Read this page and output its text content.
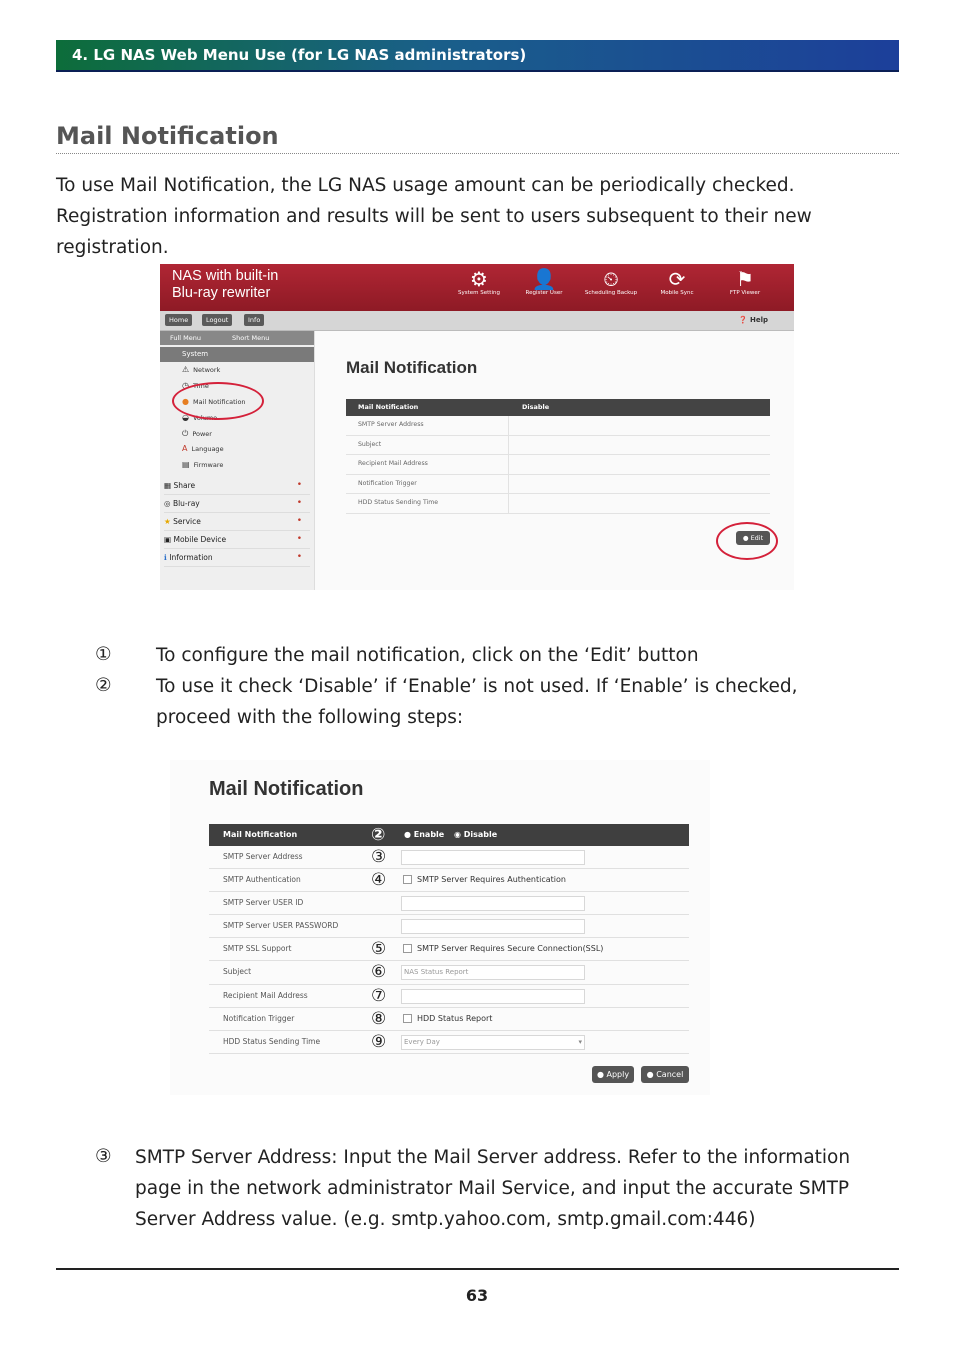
4. LG NAS Web Menu Use (for LG NAS administrators)
Mail Notification
To use Mail Notification, the LG NAS usage amount can be periodically checked. Registration information and results will be sent to users subsequent to their new registration.
NAS with built-in
Blu-ray rewriter
⚙
System Setting
👤
Register User
⏲
Scheduling Backup
⟳
Mobile Sync
⚑
FTP Viewer
Home	Logout	Info	❓ Help
Full Menu	Short Menu
System
⚠ Network
◷ Time
● Mail Notification
◒ Volume
⏻ Power
A Language
▤ Firmware
▦ Share	•
◎ Blu-ray	•
★ Service	•
▣ Mobile Device	•
ℹ Information	•
Mail Notification
Mail Notification	Disable
SMTP Server Address
Subject
Recipient Mail Address
Notification Trigger
HDD Status Sending Time
● Edit
① To configure the mail notification, click on the ‘Edit’ button
② To use it check ‘Disable’ if ‘Enable’ is not used. If ‘Enable’ is checked, proceed with the following steps:
Mail Notification
Mail Notification	② ● Enable ◉ Disable
SMTP Server Address	③
SMTP Authentication	④	SMTP Server Requires Authentication
SMTP Server USER ID
SMTP Server USER PASSWORD
SMTP SSL Support	⑤	SMTP Server Requires Secure Connection(SSL)
Subject	⑥	NAS Status Report
Recipient Mail Address	⑦
Notification Trigger	⑧	HDD Status Report
HDD Status Sending Time	⑨	Every Day	▾
● Apply	● Cancel
③ SMTP Server Address: Input the Mail Server address. Refer to the information page in the network administrator Mail Service, and input the accurate SMTP Server Address value. (e.g. smtp.yahoo.com, smtp.gmail.com:446)
63
